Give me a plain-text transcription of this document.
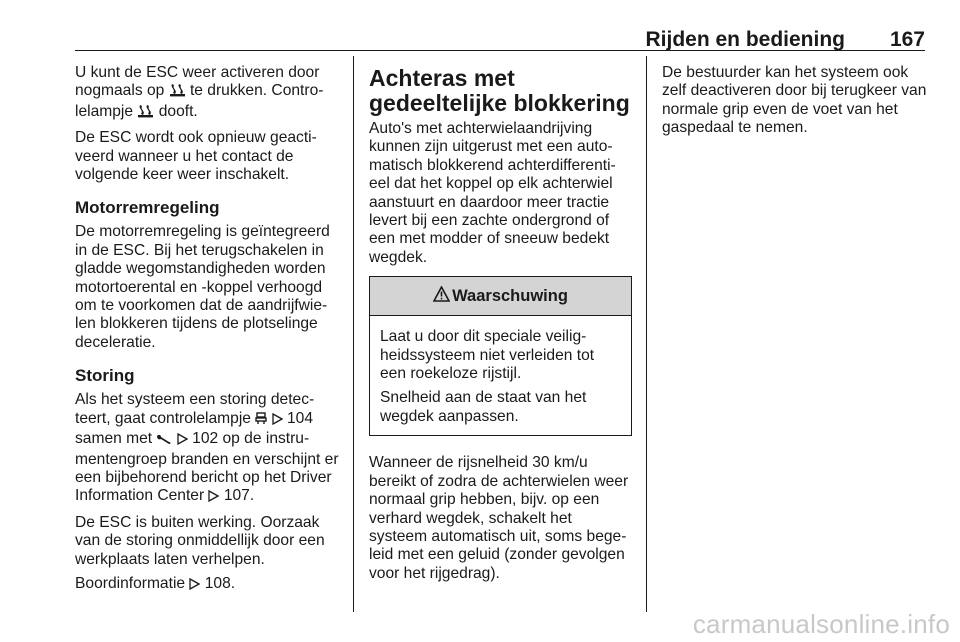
Rijden en bediening 167

U kunt de ESC weer activeren door nogmaals op  te drukken. Contro-lelampje  dooft.

De ESC wordt ook opnieuw geacti-veerd wanneer u het contact de volgende keer weer inschakelt.

Motorremregeling

De motorremregeling is geïntegreerd in de ESC. Bij het terugschakelen in gladde wegomstandigheden worden motortoerental en -koppel verhoogd om te voorkomen dat de aandrijfwie-len blokkeren tijdens de plotselinge deceleratie.

Storing

Als het systeem een storing detec-teert, gaat controlelampje   104 samen met   102 op de instru-mentengroep branden en verschijnt er een bijbehorend bericht op het Driver Information Center  107.

De ESC is buiten werking. Oorzaak van de storing onmiddellijk door een werkplaats laten verhelpen.

Boordinformatie  108.

Achteras met gedeeltelijke blokkering

Auto's met achterwielaandrijving kunnen zijn uitgerust met een auto-matisch blokkerend achterdifferenti-eel dat het koppel op elk achterwiel aanstuurt en daardoor meer tractie levert bij een zachte ondergrond of een met modder of sneeuw bedekt wegdek.

Waarschuwing

Laat u door dit speciale veilig-heidssysteem niet verleiden tot een roekeloze rijstijl.

Snelheid aan de staat van het wegdek aanpassen.

Wanneer de rijsnelheid 30 km/u bereikt of zodra de achterwielen weer normaal grip hebben, bijv. op een verhard wegdek, schakelt het systeem automatisch uit, soms bege-leid met een geluid (zonder gevolgen voor het rijgedrag).

De bestuurder kan het systeem ook zelf deactiveren door bij terugkeer van normale grip even de voet van het gaspedaal te nemen.

carmanualsonline.info
